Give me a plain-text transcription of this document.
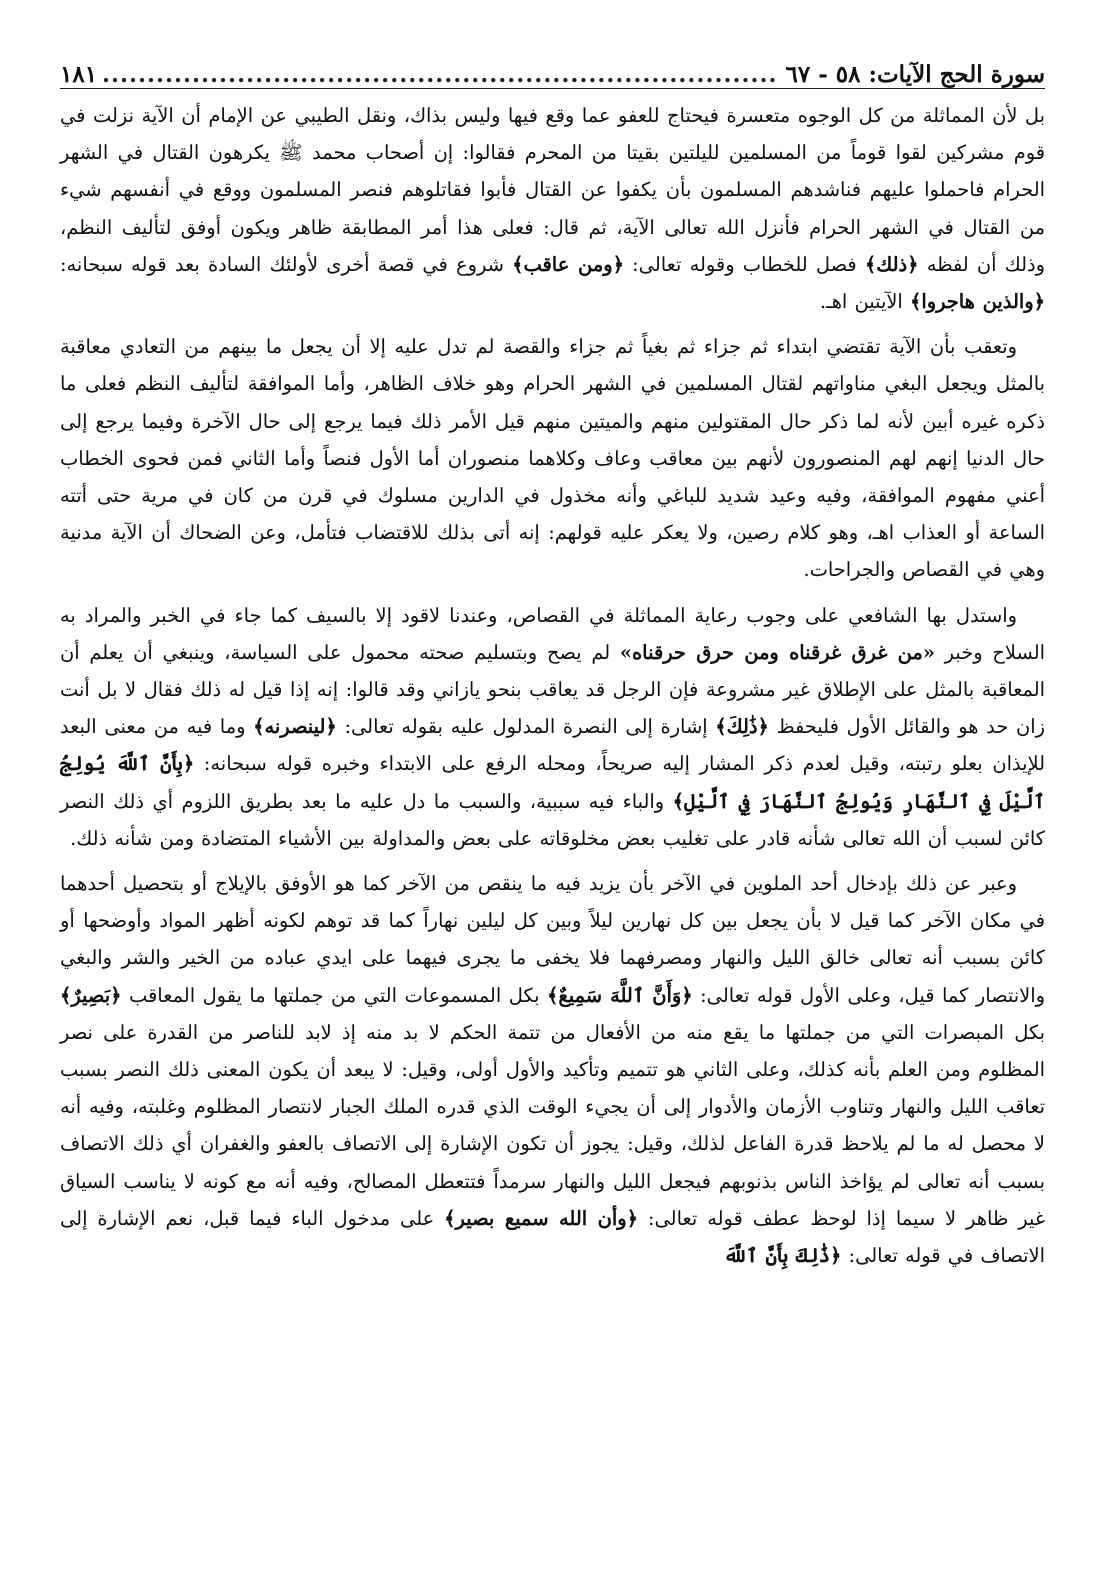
سورة الحج الآيات: ٥٨ - ٦٧
.....
١٨١

بل لأن المماثلة من كل الوجوه متعسرة فيحتاج للعفو عما وقع فيها وليس بذاك، ونقل الطيبي عن الإمام أن الآية نزلت في قوم مشركين لقوا قوماً من المسلمين لليلتين بقيتا من المحرم فقالوا: إن أصحاب محمد ﷺ يكرهون القتال في الشهر الحرام فاحملوا عليهم فناشدهم المسلمون بأن يكفوا عن القتال فأبوا فقاتلوهم فنصر المسلمون ووقع في أنفسهم شيء من القتال في الشهر الحرام فأنزل الله تعالى الآية، ثم قال: فعلى هذا أمر المطابقة ظاهر ويكون أوفق لتأليف النظم، وذلك أن لفظه ﴿ذلك﴾ فصل للخطاب وقوله تعالى: ﴿ومن عاقب﴾ شروع في قصة أخرى لأولئك السادة بعد قوله سبحانه: ﴿والذين هاجروا﴾ الآيتين اهـ.

وتعقب بأن الآية تقتضي ابتداء ثم جزاء ثم بغياً ثم جزاء والقصة لم تدل عليه إلا أن يجعل ما بينهم من التعادي معاقبة بالمثل ويجعل البغي مناواتهم لقتال المسلمين في الشهر الحرام وهو خلاف الظاهر، وأما الموافقة لتأليف النظم فعلى ما ذكره غيره أبين لأنه لما ذكر حال المقتولين منهم والميتين منهم قيل الأمر ذلك فيما يرجع إلى حال الآخرة وفيما يرجع إلى حال الدنيا إنهم لهم المنصورون لأنهم بين معاقب وعاف وكلاهما منصوران أما الأول فنصاً وأما الثاني فمن فحوى الخطاب أعني مفهوم الموافقة، وفيه وعيد شديد للباغي وأنه مخذول في الدارين مسلوك في قرن من كان في مرية حتى أتته الساعة أو العذاب اهـ، وهو كلام رصين، ولا يعكر عليه قولهم: إنه أتى بذلك للاقتضاب فتأمل، وعن الضحاك أن الآية مدنية وهي في القصاص والجراحات.

واستدل بها الشافعي على وجوب رعاية المماثلة في القصاص، وعندنا لاقود إلا بالسيف كما جاء في الخبر والمراد به السلاح وخبر «من غرق غرقناه ومن حرق حرقناه» لم يصح وبتسليم صحته محمول على السياسة، وينبغي أن يعلم أن المعاقبة بالمثل على الإطلاق غير مشروعة فإن الرجل قد يعاقب بنحو يازاني وقد قالوا: إنه إذا قيل له ذلك فقال لا بل أنت زان حد هو والقائل الأول فليحفظ ﴿ذَٰلِكَ﴾ إشارة إلى النصرة المدلول عليه بقوله تعالى: ﴿لينصرنه﴾ وما فيه من معنى البعد للإيذان بعلو رتبته، وقيل لعدم ذكر المشار إليه صريحاً، ومحله الرفع على الابتداء وخبره قوله سبحانه: ﴿بِأَنَّ ٱللَّهَ يُولِجُ ٱلَّيْلَ فِي ٱلنَّهَارِ وَيُولِجُ ٱلنَّهَارَ فِي ٱلَّيْلِ﴾ والباء فيه سببية، والسبب ما دل عليه ما بعد بطريق اللزوم أي ذلك النصر كائن لسبب أن الله تعالى شأنه قادر على تغليب بعض مخلوقاته على بعض والمداولة بين الأشياء المتضادة ومن شأنه ذلك.

وعبر عن ذلك بإدخال أحد الملوين في الآخر بأن يزيد فيه ما ينقص من الآخر كما هو الأوفق بالإيلاج أو بتحصيل أحدهما في مكان الآخر كما قيل لا بأن يجعل بين كل نهارين ليلاً وبين كل ليلين نهاراً كما قد توهم لكونه أظهر المواد وأوضحها أو كائن بسبب أنه تعالى خالق الليل والنهار ومصرفهما فلا يخفى ما يجرى فيهما على ايدي عباده من الخير والشر والبغي والانتصار كما قيل، وعلى الأول قوله تعالى: ﴿وَأَنَّ ٱللَّهَ سَمِيعٌ﴾ بكل المسموعات التي من جملتها ما يقول المعاقب ﴿بَصِيرٌ﴾ بكل المبصرات التي من جملتها ما يقع منه من الأفعال من تتمة الحكم لا بد منه إذ لابد للناصر من القدرة على نصر المظلوم ومن العلم بأنه كذلك، وعلى الثاني هو تتميم وتأكيد والأول أولى، وقيل: لا يبعد أن يكون المعنى ذلك النصر بسبب تعاقب الليل والنهار وتناوب الأزمان والأدوار إلى أن يجيء الوقت الذي قدره الملك الجبار لانتصار المظلوم وغلبته، وفيه أنه لا محصل له ما لم يلاحظ قدرة الفاعل لذلك، وقيل: يجوز أن تكون الإشارة إلى الاتصاف بالعفو والغفران أي ذلك الاتصاف بسبب أنه تعالى لم يؤاخذ الناس بذنوبهم فيجعل الليل والنهار سرمداً فتتعطل المصالح، وفيه أنه مع كونه لا يناسب السياق غير ظاهر لا سيما إذا لوحظ عطف قوله تعالى: ﴿وأن الله سميع بصير﴾ على مدخول الباء فيما قبل، نعم الإشارة إلى الاتصاف في قوله تعالى: ﴿ذَٰلِكَ بِأَنَّ ٱللَّهَ
